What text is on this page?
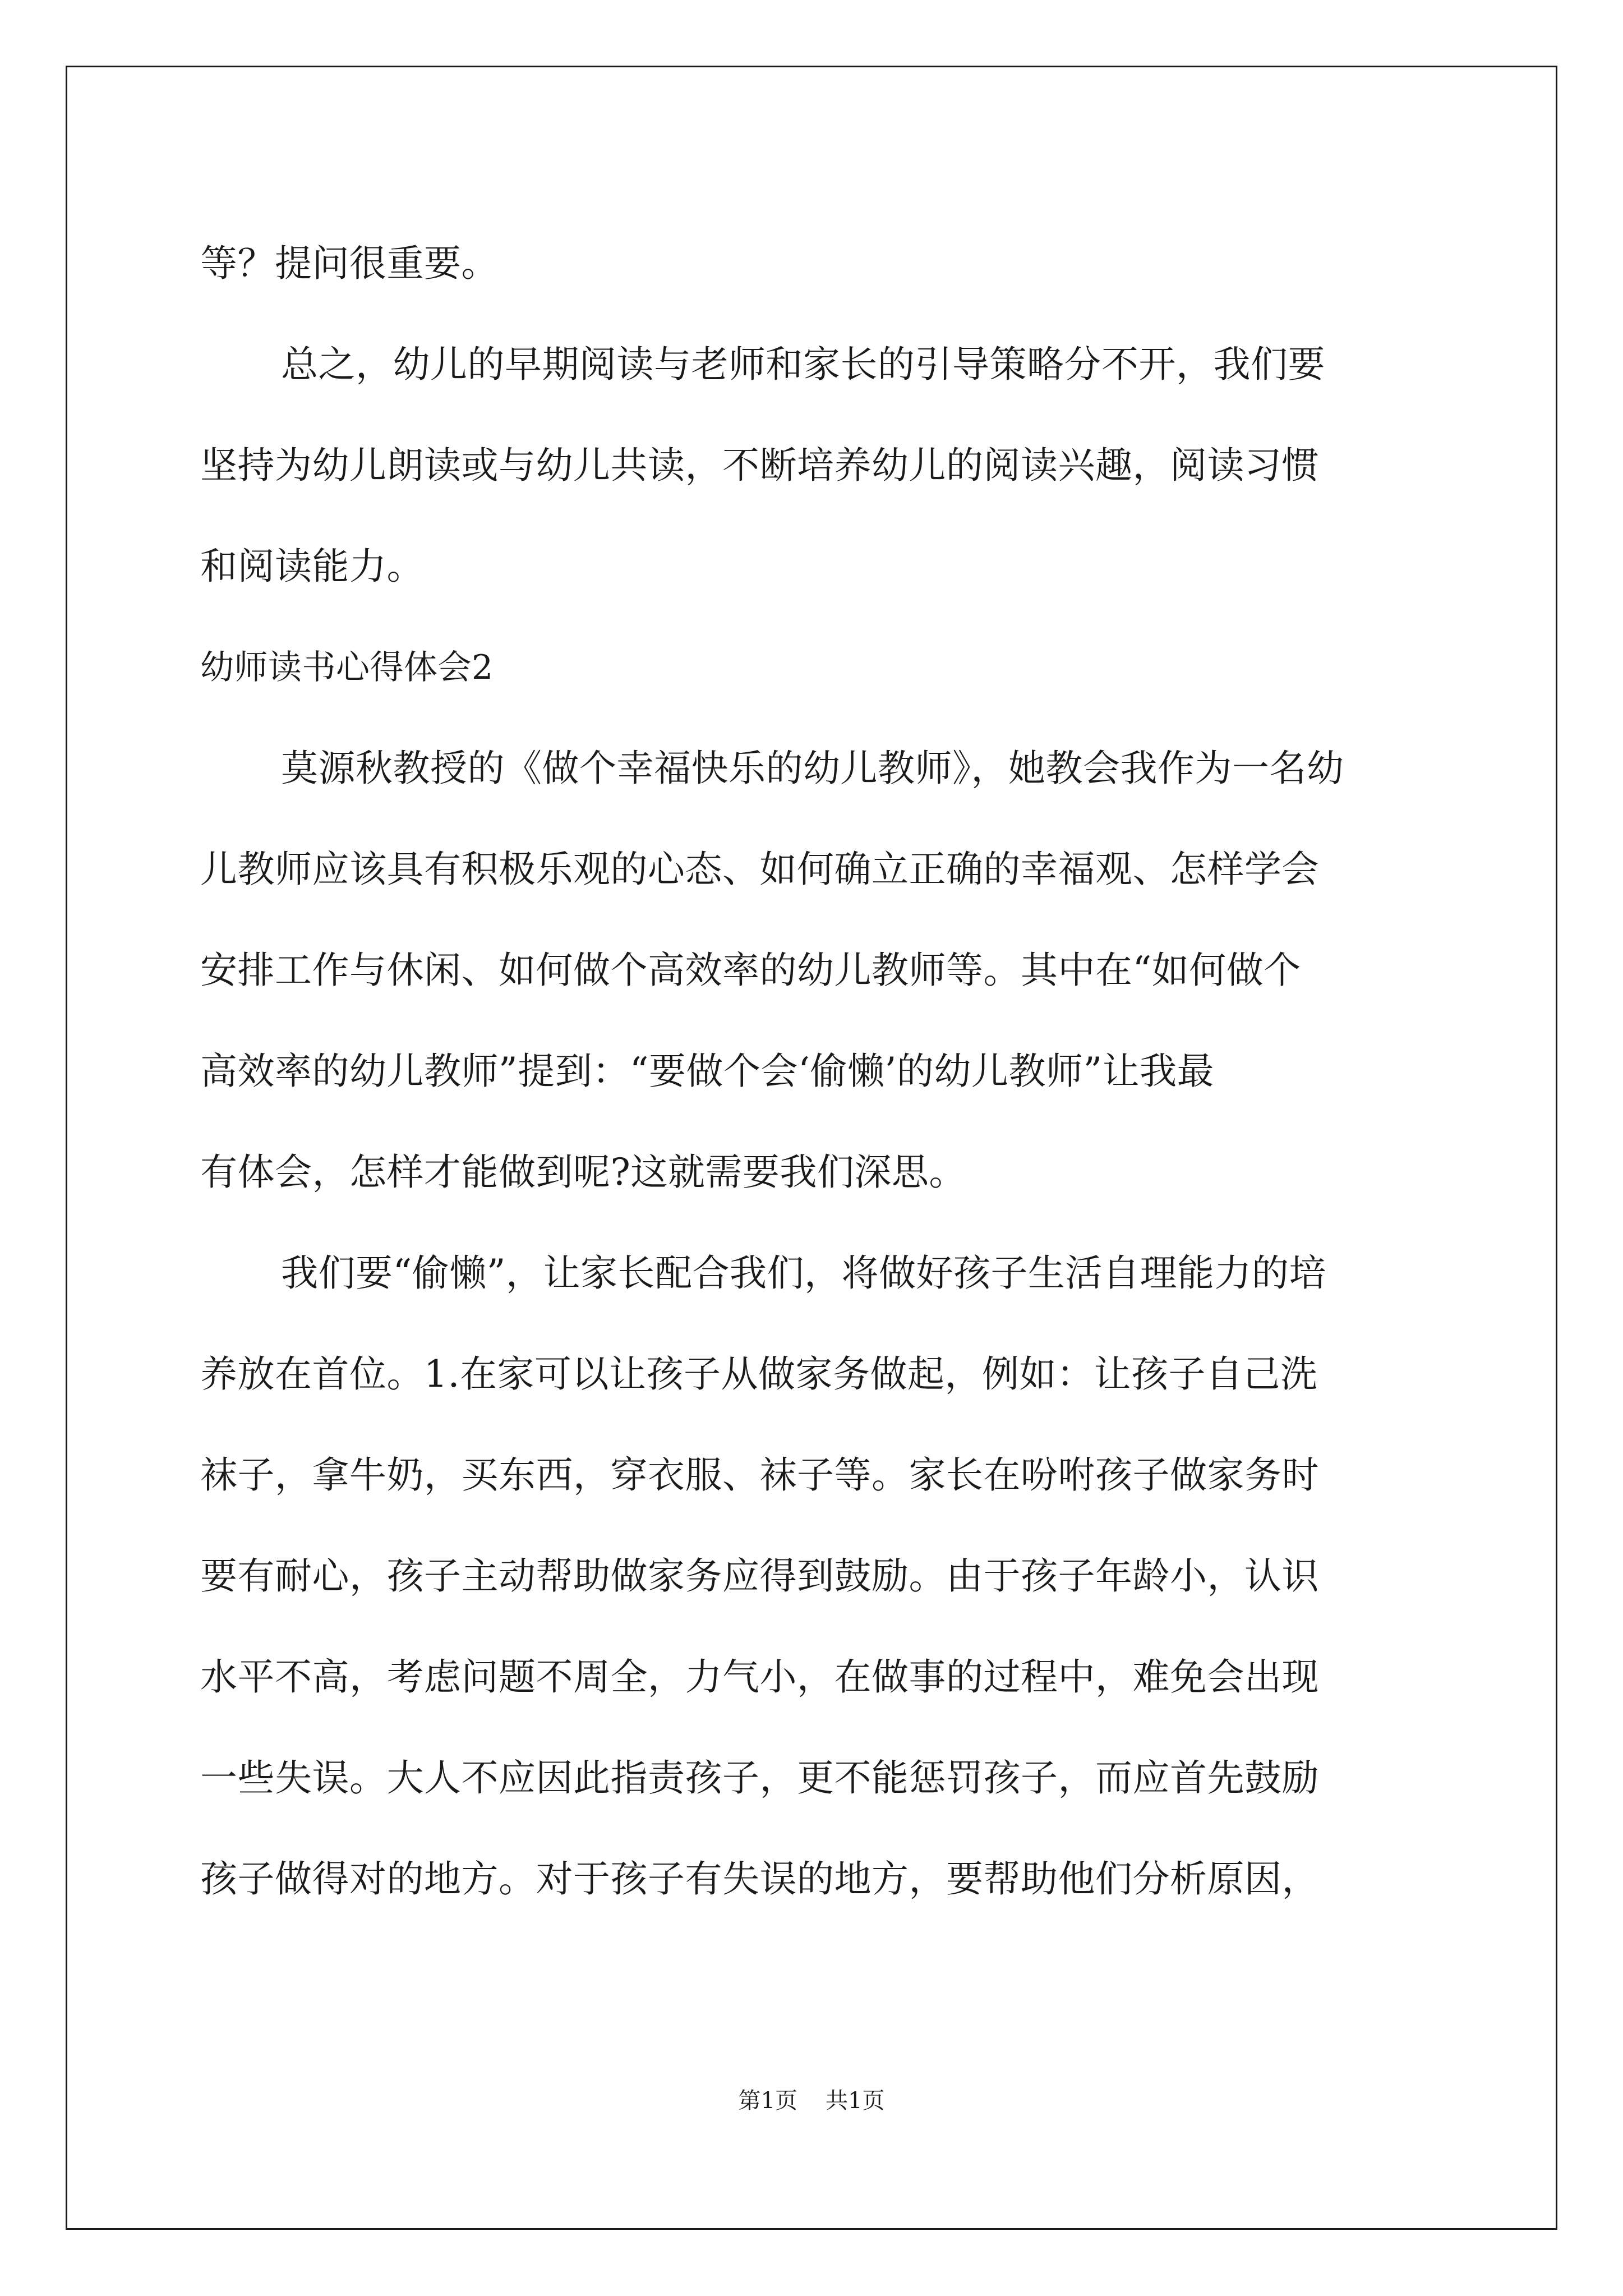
等？提问很重要。

总之，幼儿的早期阅读与老师和家长的引导策略分不开，我们要

坚持为幼儿朗读或与幼儿共读，不断培养幼儿的阅读兴趣，阅读习惯

和阅读能力。

幼师读书心得体会2

莫源秋教授的《做个幸福快乐的幼儿教师》，她教会我作为一名幼

儿教师应该具有积极乐观的心态、如何确立正确的幸福观、怎样学会

安排工作与休闲、如何做个高效率的幼儿教师等。其中在“如何做个

高效率的幼儿教师”提到：“要做个会‘偷懒’的幼儿教师”让我最

有体会，怎样才能做到呢?这就需要我们深思。

我们要“偷懒”，让家长配合我们，将做好孩子生活自理能力的培

养放在首位。1.在家可以让孩子从做家务做起，例如：让孩子自己洗

袜子，拿牛奶，买东西，穿衣服、袜子等。家长在吩咐孩子做家务时

要有耐心，孩子主动帮助做家务应得到鼓励。由于孩子年龄小，认识

水平不高，考虑问题不周全，力气小，在做事的过程中，难免会出现

一些失误。大人不应因此指责孩子，更不能惩罚孩子，而应首先鼓励

孩子做得对的地方。对于孩子有失误的地方，要帮助他们分析原因，

第1页 共1页
